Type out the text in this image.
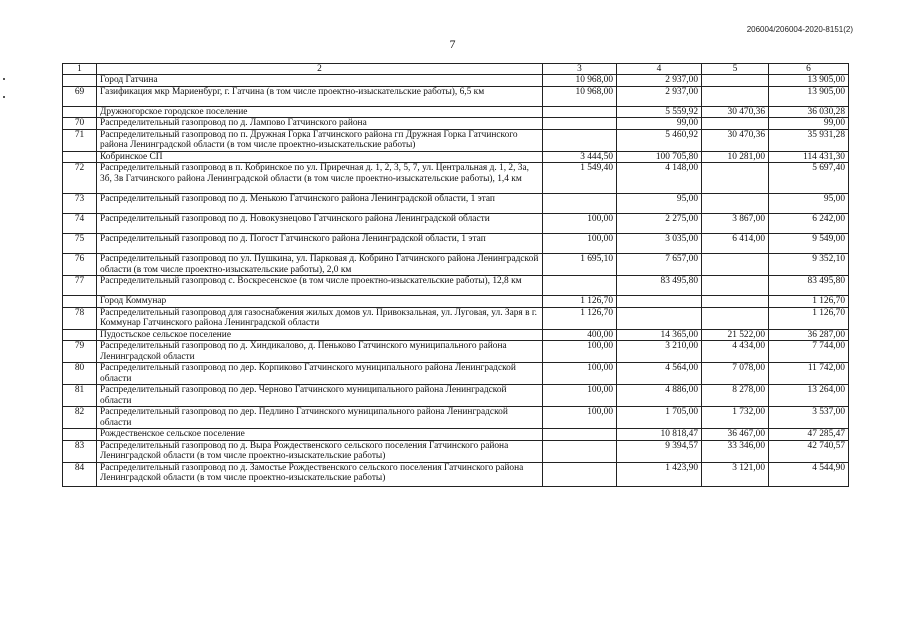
206004/206004-2020-8151(2)
7
1	2	3	4	5	6
	Город Гатчина	10 968,00	2 937,00		13 905,00

69	Газификация мкр Мариенбург, г. Гатчина (в том числе проектно-изыскательские работы), 6,5 км	10 968,00	2 937,00		13 905,00

	Дружногорское городское поселение		5 559,92	30 470,36	36 030,28

70	Распределительный газопровод по д. Лампово Гатчинского района		99,00		99,00

71	Распределительный газопровод по п. Дружная Горка Гатчинского района гп Дружная Горка Гатчинского района Ленинградской области (в том числе проектно-изыскательские работы)		5 460,92	30 470,36	35 931,28

	Кобринское СП	3 444,50	100 705,80	10 281,00	114 431,30

72	Распределительный газопровод в п. Кобринское по ул. Приречная д. 1, 2, 3, 5, 7, ул. Центральная д. 1, 2, 3а, 3б, 3в Гатчинского района Ленинградской области (в том числе проектно-изыскательские работы), 1,4 км	1 549,40	4 148,00		5 697,40

73	Распределительный газопровод по д. Менькою Гатчинского района Ленинградской области, 1 этап		95,00		95,00

74	Распределительный газопровод по д. Новокузнецово Гатчинского района Ленинградской области	100,00	2 275,00	3 867,00	6 242,00

75	Распределительный газопровод по д. Погост Гатчинского района Ленинградской области, 1 этап	100,00	3 035,00	6 414,00	9 549,00

76	Распределительный газопровод по ул. Пушкина, ул. Парковая д. Кобрино Гатчинского района Ленинградской области (в том числе проектно-изыскательские работы), 2,0 км	1 695,10	7 657,00		9 352,10

77	Распределительный газопровод с. Воскресенское (в том числе проектно-изыскательские работы), 12,8 км		83 495,80		83 495,80

	Город Коммунар	1 126,70			1 126,70

78	Распределительный газопровод для газоснабжения жилых домов ул. Привокзальная, ул. Луговая, ул. Заря в г. Коммунар Гатчинского района Ленинградской области	1 126,70			1 126,70

	Пудостьское сельское поселение	400,00	14 365,00	21 522,00	36 287,00

79	Распределительный газопровод по д. Хиндикалово, д. Пеньково Гатчинского муниципального района Ленинградской области	100,00	3 210,00	4 434,00	7 744,00

80	Распределительный газопровод по дер. Корпиково Гатчинского муниципального района Ленинградской области	100,00	4 564,00	7 078,00	11 742,00

81	Распределительный газопровод по дер. Черново Гатчинского муниципального района Ленинградской области	100,00	4 886,00	8 278,00	13 264,00

82	Распределительный газопровод по дер. Педлино Гатчинского муниципального района Ленинградской области	100,00	1 705,00	1 732,00	3 537,00

	Рождественское сельское поселение		10 818,47	36 467,00	47 285,47

83	Распределительный газопровод по д. Выра Рождественского сельского поселения Гатчинского района Ленинградской области (в том числе проектно-изыскательские работы)		9 394,57	33 346,00	42 740,57

84	Распределительный газопровод по д. Замостье Рождественского сельского поселения Гатчинского района Ленинградской области (в том числе проектно-изыскательские работы)		1 423,90	3 121,00	4 544,90
